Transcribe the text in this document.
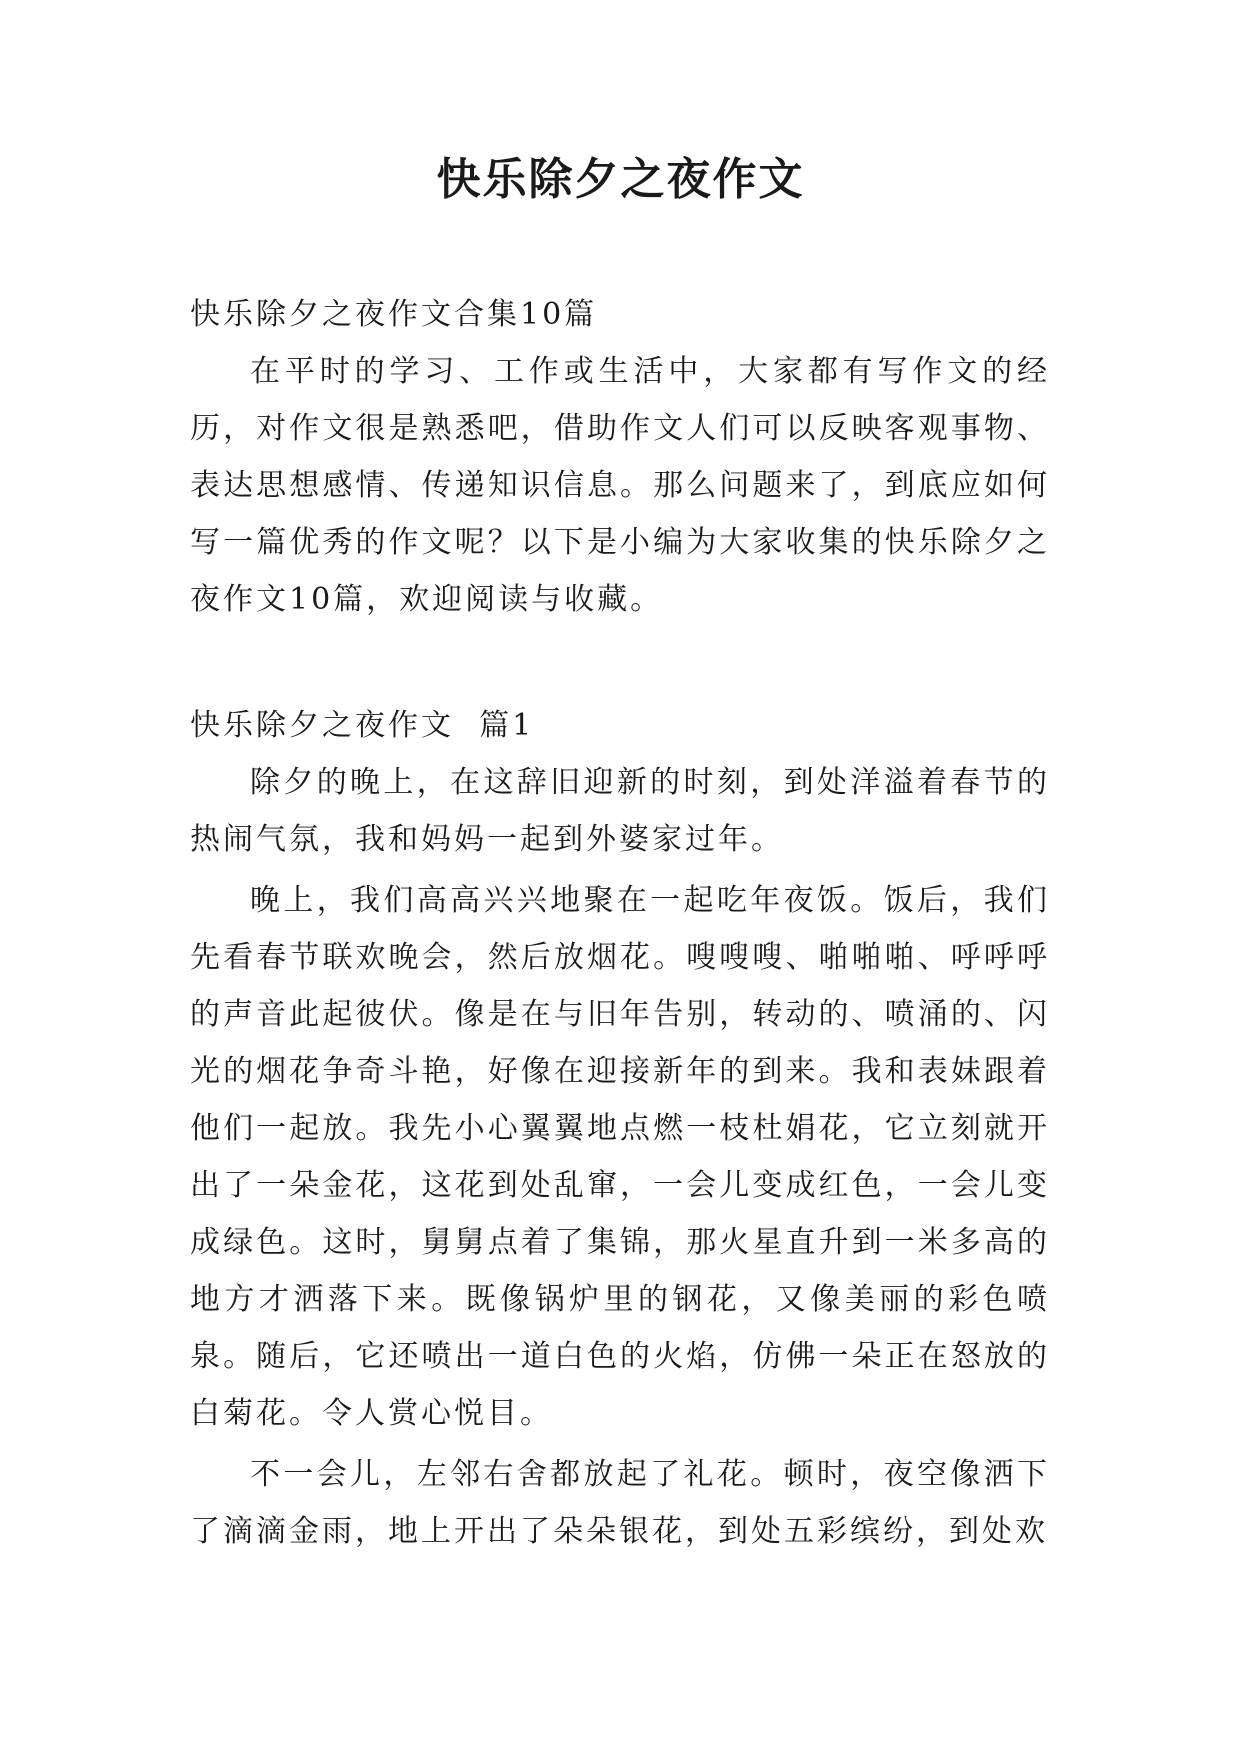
快乐除夕之夜作文

快乐除夕之夜作文合集10篇

在平时的学习、工作或生活中，大家都有写作文的经历，对作文很是熟悉吧，借助作文人们可以反映客观事物、表达思想感情、传递知识信息。那么问题来了，到底应如何写一篇优秀的作文呢？以下是小编为大家收集的快乐除夕之夜作文10篇，欢迎阅读与收藏。

快乐除夕之夜作文  篇1

除夕的晚上，在这辞旧迎新的时刻，到处洋溢着春节的热闹气氛，我和妈妈一起到外婆家过年。

晚上，我们高高兴兴地聚在一起吃年夜饭。饭后，我们先看春节联欢晚会，然后放烟花。嗖嗖嗖、啪啪啪、呼呼呼的声音此起彼伏。像是在与旧年告别，转动的、喷涌的、闪光的烟花争奇斗艳，好像在迎接新年的到来。我和表妹跟着他们一起放。我先小心翼翼地点燃一枝杜娟花，它立刻就开出了一朵金花，这花到处乱窜，一会儿变成红色，一会儿变成绿色。这时，舅舅点着了集锦，那火星直升到一米多高的地方才洒落下来。既像锅炉里的钢花，又像美丽的彩色喷泉。随后，它还喷出一道白色的火焰，仿佛一朵正在怒放的白菊花。令人赏心悦目。

不一会儿，左邻右舍都放起了礼花。顿时，夜空像洒下了滴滴金雨，地上开出了朵朵银花，到处五彩缤纷，到处欢
